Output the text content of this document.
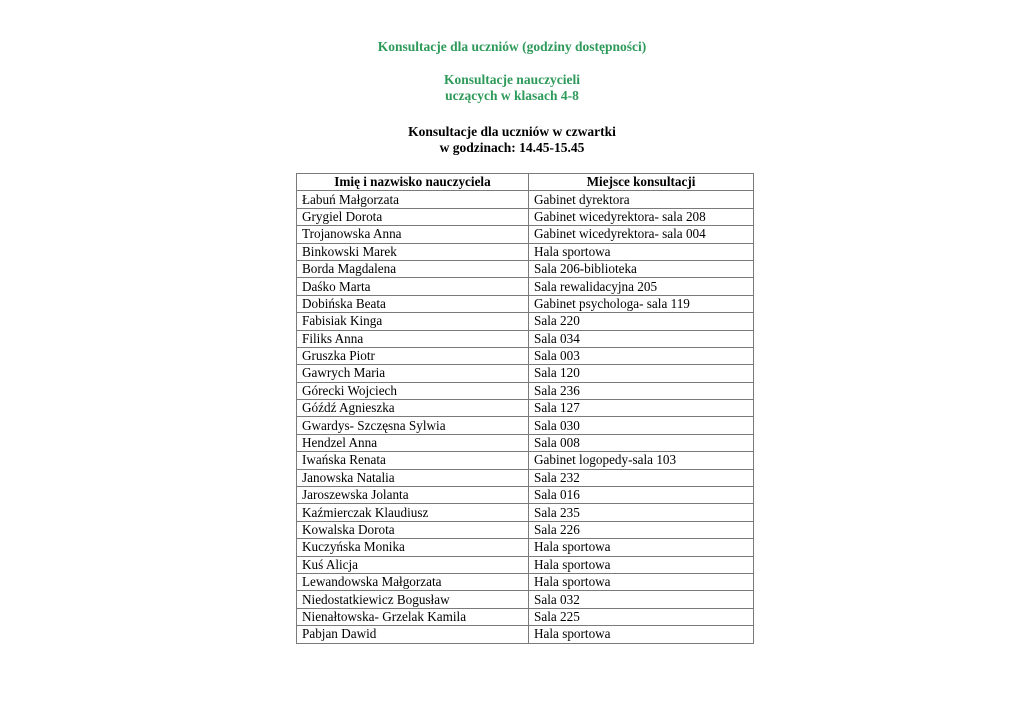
Konsultacje dla uczniów (godziny dostępności)
Konsultacje nauczycieli
uczących w klasach 4-8
Konsultacje dla uczniów w czwartki
w godzinach: 14.45-15.45
Imię i nazwisko nauczyciela	Miejsce konsultacji
Łabuń Małgorzata	Gabinet dyrektora
Grygiel Dorota	Gabinet wicedyrektora- sala 208
Trojanowska Anna	Gabinet wicedyrektora- sala 004
Binkowski Marek	Hala sportowa
Borda Magdalena	Sala 206-biblioteka
Daśko Marta	Sala rewalidacyjna 205
Dobińska Beata	Gabinet psychologa- sala 119
Fabisiak Kinga	Sala 220
Filiks Anna	Sala 034
Gruszka Piotr	Sala 003
Gawrych Maria	Sala 120
Górecki Wojciech	Sala 236
Góźdź Agnieszka	Sala 127
Gwardys- Szczęsna Sylwia	Sala 030
Hendzel Anna	Sala 008
Iwańska Renata	Gabinet logopedy-sala 103
Janowska Natalia	Sala 232
Jaroszewska Jolanta	Sala 016
Kaźmierczak Klaudiusz	Sala 235
Kowalska Dorota	Sala 226
Kuczyńska Monika	Hala sportowa
Kuś Alicja	Hala sportowa
Lewandowska Małgorzata	Hala sportowa
Niedostatkiewicz Bogusław	Sala 032
Nienałtowska- Grzelak Kamila	Sala 225
Pabjan Dawid	Hala sportowa
